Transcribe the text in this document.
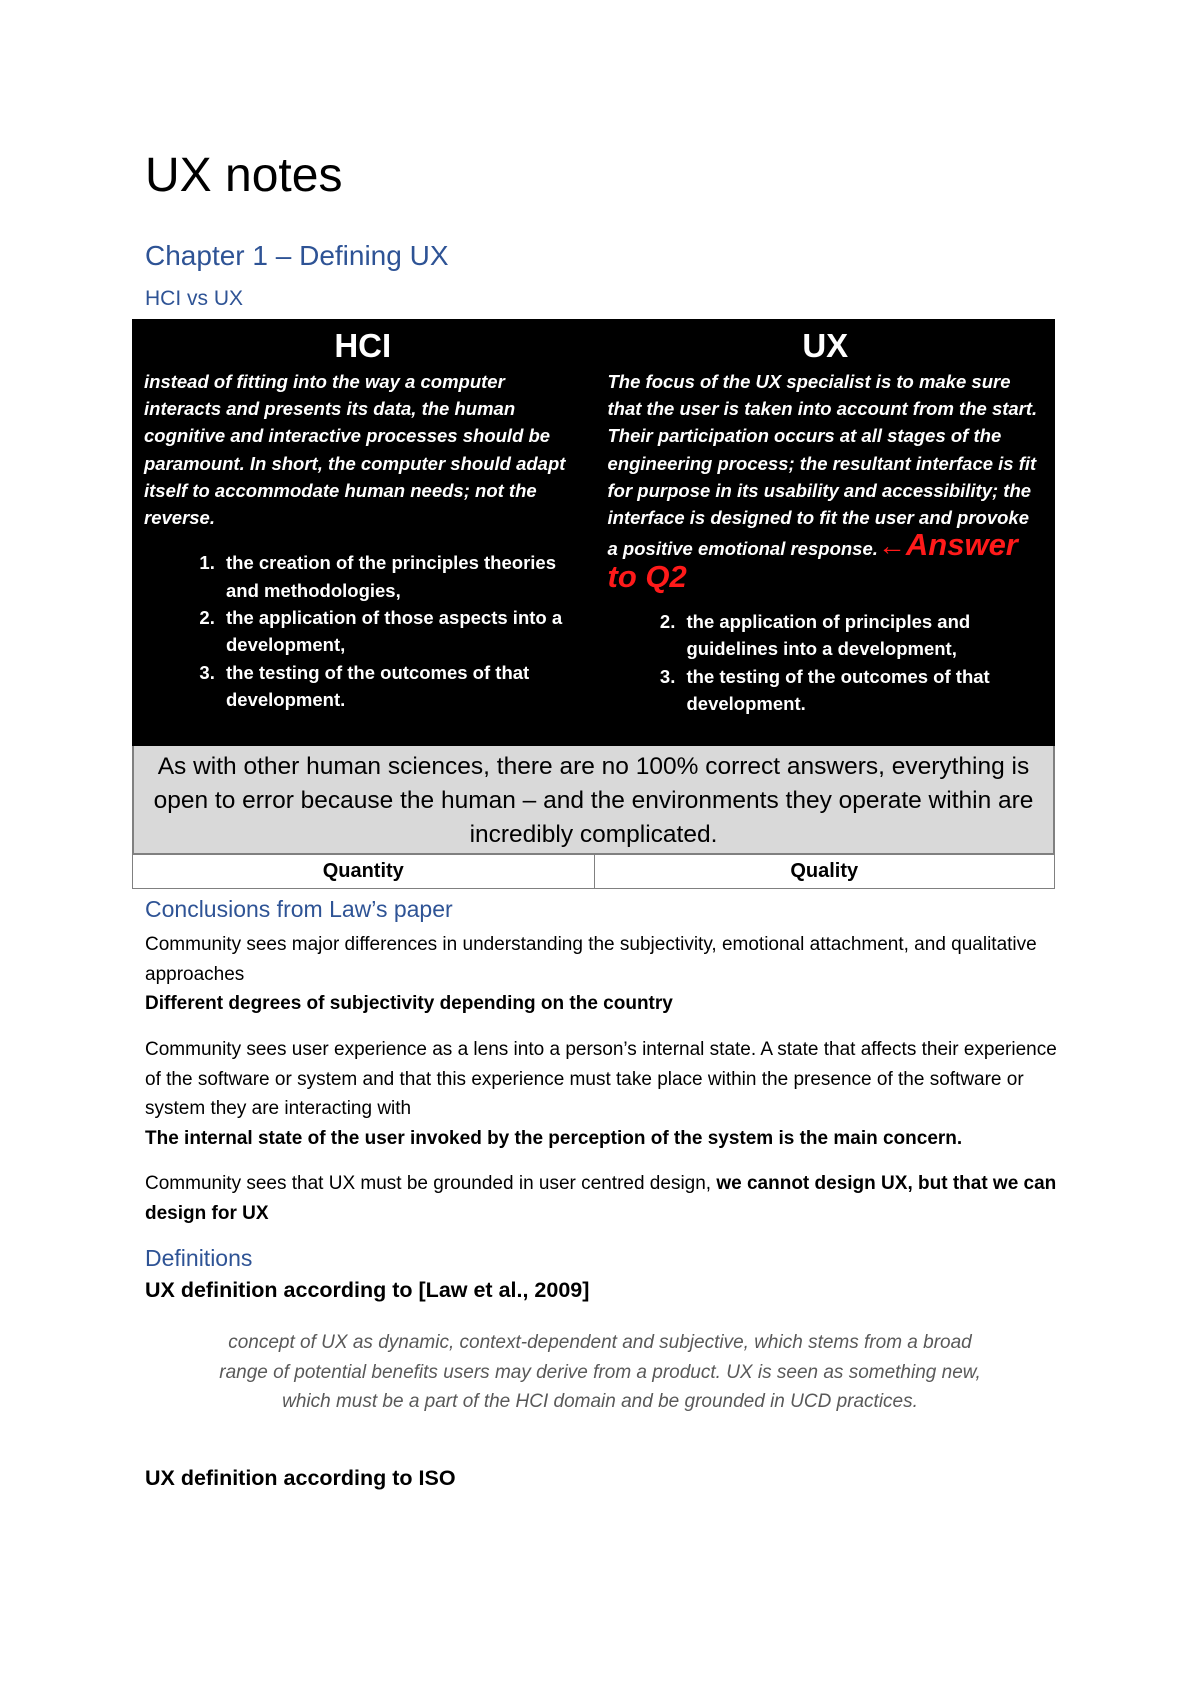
UX notes
Chapter 1 – Defining UX
HCI vs UX
HCI

instead of fitting into the way a computer interacts and presents its data, the human cognitive and interactive processes should be paramount. In short, the computer should adapt itself to accommodate human needs; not the reverse.

1. the creation of the principles theories and methodologies,
2. the application of those aspects into a development,
3. the testing of the outcomes of that development.
UX

The focus of the UX specialist is to make sure that the user is taken into account from the start. Their participation occurs at all stages of the engineering process; the resultant interface is fit for purpose in its usability and accessibility; the interface is designed to fit the user and provoke a positive emotional response.←Answer to Q2

2. the application of principles and guidelines into a development,
3. the testing of the outcomes of that development.
As with other human sciences, there are no 100% correct answers, everything is open to error because the human – and the environments they operate within are incredibly complicated.
Quantity	Quality
Conclusions from Law’s paper

Community sees major differences in understanding the subjectivity, emotional attachment, and qualitative approaches
Different degrees of subjectivity depending on the country

Community sees user experience as a lens into a person’s internal state. A state that affects their experience of the software or system and that this experience must take place within the presence of the software or system they are interacting with
The internal state of the user invoked by the perception of the system is the main concern.

Community sees that UX must be grounded in user centred design, we cannot design UX, but that we can design for UX

Definitions
UX definition according to [Law et al., 2009]

concept of UX as dynamic, context-dependent and subjective, which stems from a broad range of potential benefits users may derive from a product. UX is seen as something new, which must be a part of the HCI domain and be grounded in UCD practices.

UX definition according to ISO
